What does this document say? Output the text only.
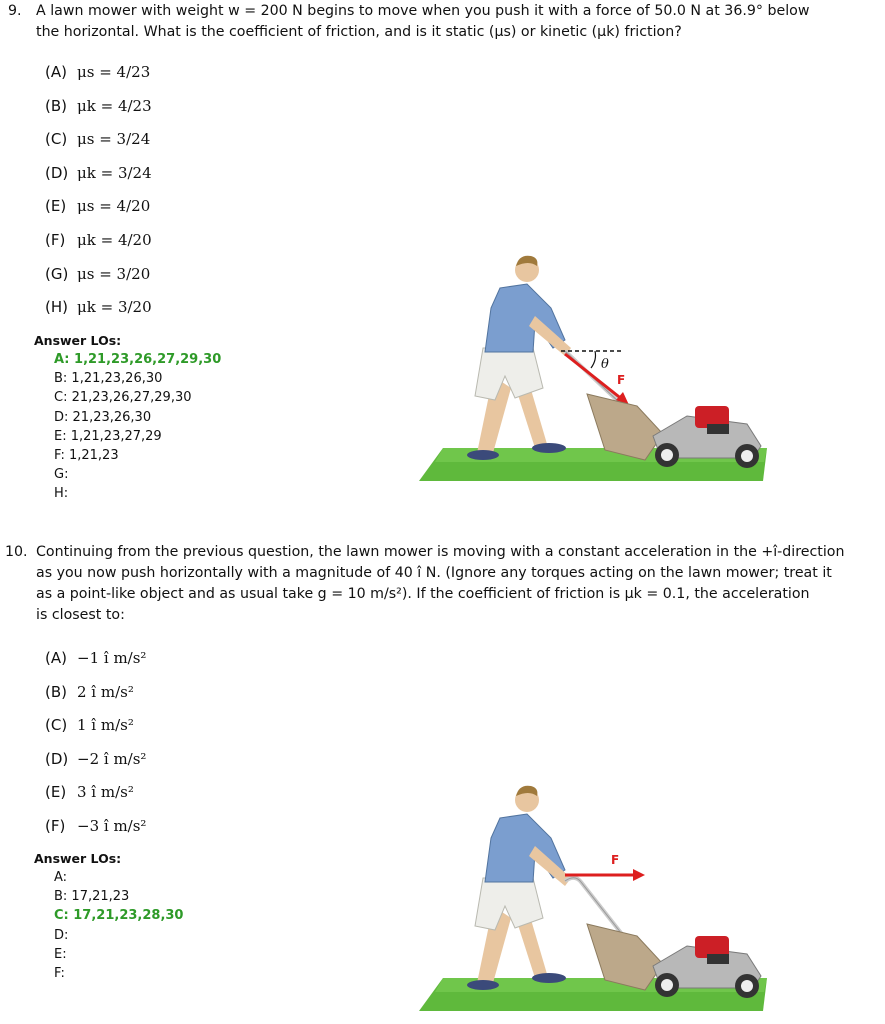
9. A lawn mower with weight w = 200 N begins to move when you push it with a force of 50.0 N at 36.9° below
the horizontal. What is the coefficient of friction, and is it static (μs) or kinetic (μk) friction?
(A) μs = 4/23
(B) μk = 4/23
(C) μs = 3/24
(D) μk = 3/24
(E) μs = 4/20
(F) μk = 4/20
(G) μs = 3/20
(H) μk = 3/20
Answer LOs:
A: 1,21,23,26,27,29,30
B: 1,21,23,26,30
C: 21,23,26,27,29,30
D: 21,23,26,30
E: 1,21,23,27,29
F: 1,21,23
G:
H:
θ
F
10. Continuing from the previous question, the lawn mower is moving with a constant acceleration in the +î-direction
as you now push horizontally with a magnitude of 40 î N. (Ignore any torques acting on the lawn mower; treat it
as a point-like object and as usual take g = 10 m/s²). If the coefficient of friction is μk = 0.1, the acceleration
is closest to:
(A) −1 î m/s²
(B) 2 î m/s²
(C) 1 î m/s²
(D) −2 î m/s²
(E) 3 î m/s²
(F) −3 î m/s²
Answer LOs:
A:
B: 17,21,23
C: 17,21,23,28,30
D:
E:
F:
F
